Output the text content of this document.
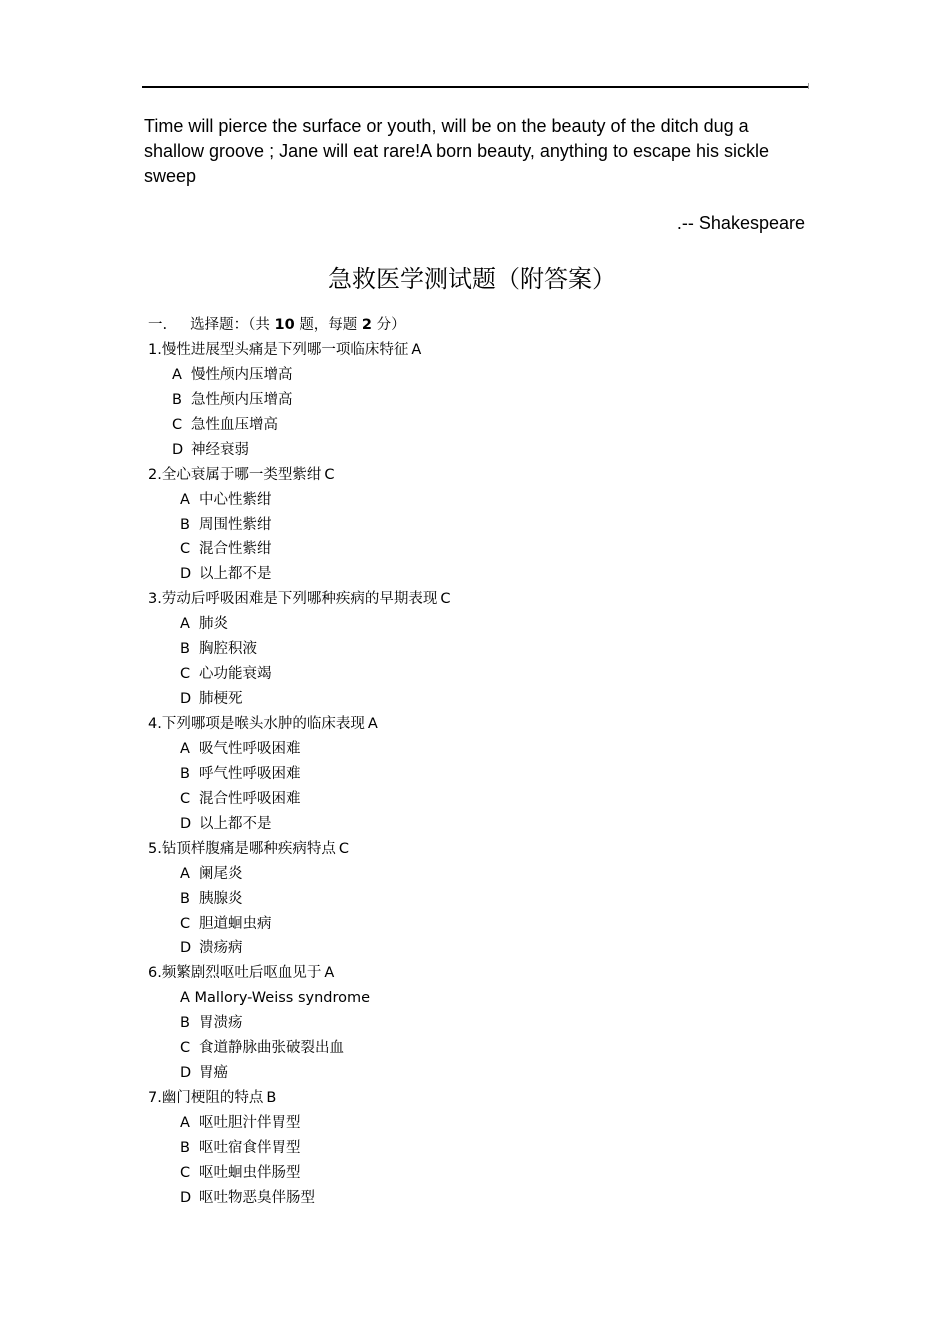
Time will pierce the surface or youth, will be on the beauty of the ditch dug a shallow groove ; Jane will eat rare!A born beauty, anything to escape his sickle sweep
.-- Shakespeare
急救医学测试题（附答案）
一. 选择题：（共 10 题，每题 2 分）
1.慢性进展型头痛是下列哪一项临床特征 A
A 慢性颅内压增高
B 急性颅内压增高
C 急性血压增高
D 神经衰弱
2.全心衰属于哪一类型紫绀 C
A 中心性紫绀
B 周围性紫绀
C 混合性紫绀
D 以上都不是
3.劳动后呼吸困难是下列哪种疾病的早期表现 C
A 肺炎
B 胸腔积液
C 心功能衰竭
D 肺梗死
4.下列哪项是喉头水肿的临床表现 A
A 吸气性呼吸困难
B 呼气性呼吸困难
C 混合性呼吸困难
D 以上都不是
5.钻顶样腹痛是哪种疾病特点 C
A 阑尾炎
B 胰腺炎
C 胆道蛔虫病
D 溃疡病
6.频繁剧烈呕吐后呕血见于 A
A Mallory-Weiss syndrome
B 胃溃疡
C 食道静脉曲张破裂出血
D 胃癌
7.幽门梗阻的特点 B
A 呕吐胆汁伴胃型
B 呕吐宿食伴胃型
C 呕吐蛔虫伴肠型
D 呕吐物恶臭伴肠型
